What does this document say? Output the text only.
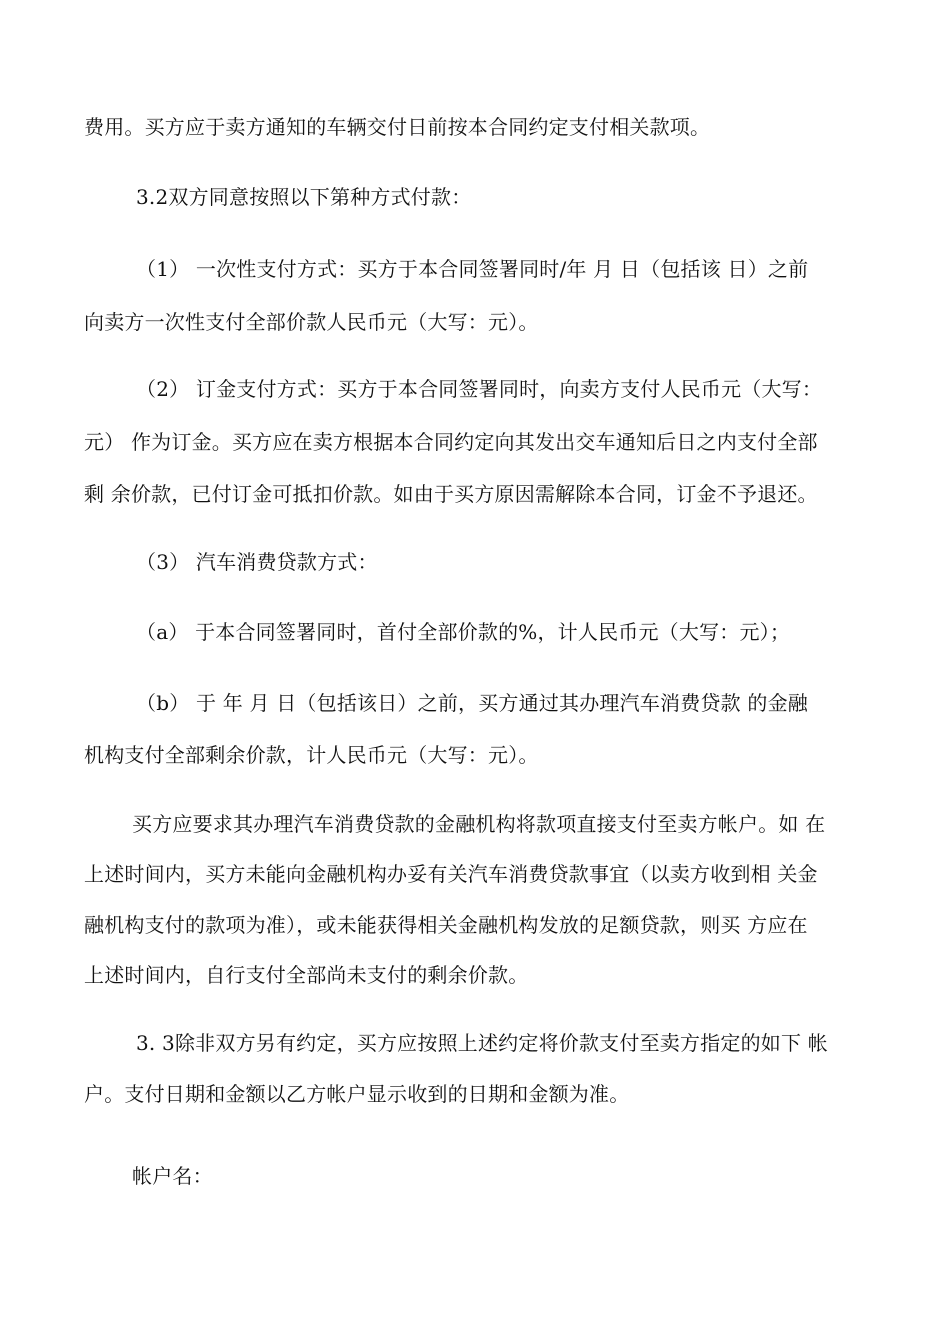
费用。买方应于卖方通知的车辆交付日前按本合同约定支付相关款项。
3.2双方同意按照以下第种方式付款：
（1） 一次性支付方式：买方于本合同签署同时/年 月 日（包括该 日）之前
向卖方一次性支付全部价款人民币元（大写：元）。
（2） 订金支付方式：买方于本合同签署同时，向卖方支付人民币元（大写：
元） 作为订金。买方应在卖方根据本合同约定向其发出交车通知后日之内支付全部
剩 余价款，已付订金可抵扣价款。如由于买方原因需解除本合同，订金不予退还。
（3） 汽车消费贷款方式：
（a） 于本合同签署同时，首付全部价款的%，计人民币元（大写：元）；
（b） 于 年 月 日（包括该日）之前，买方通过其办理汽车消费贷款 的金融
机构支付全部剩余价款，计人民币元（大写：元）。
买方应要求其办理汽车消费贷款的金融机构将款项直接支付至卖方帐户。如 在
上述时间内，买方未能向金融机构办妥有关汽车消费贷款事宜（以卖方收到相 关金
融机构支付的款项为准），或未能获得相关金融机构发放的足额贷款，则买 方应在
上述时间内，自行支付全部尚未支付的剩余价款。
3. 3除非双方另有约定，买方应按照上述约定将价款支付至卖方指定的如下 帐
户。支付日期和金额以乙方帐户显示收到的日期和金额为准。
帐户名：
